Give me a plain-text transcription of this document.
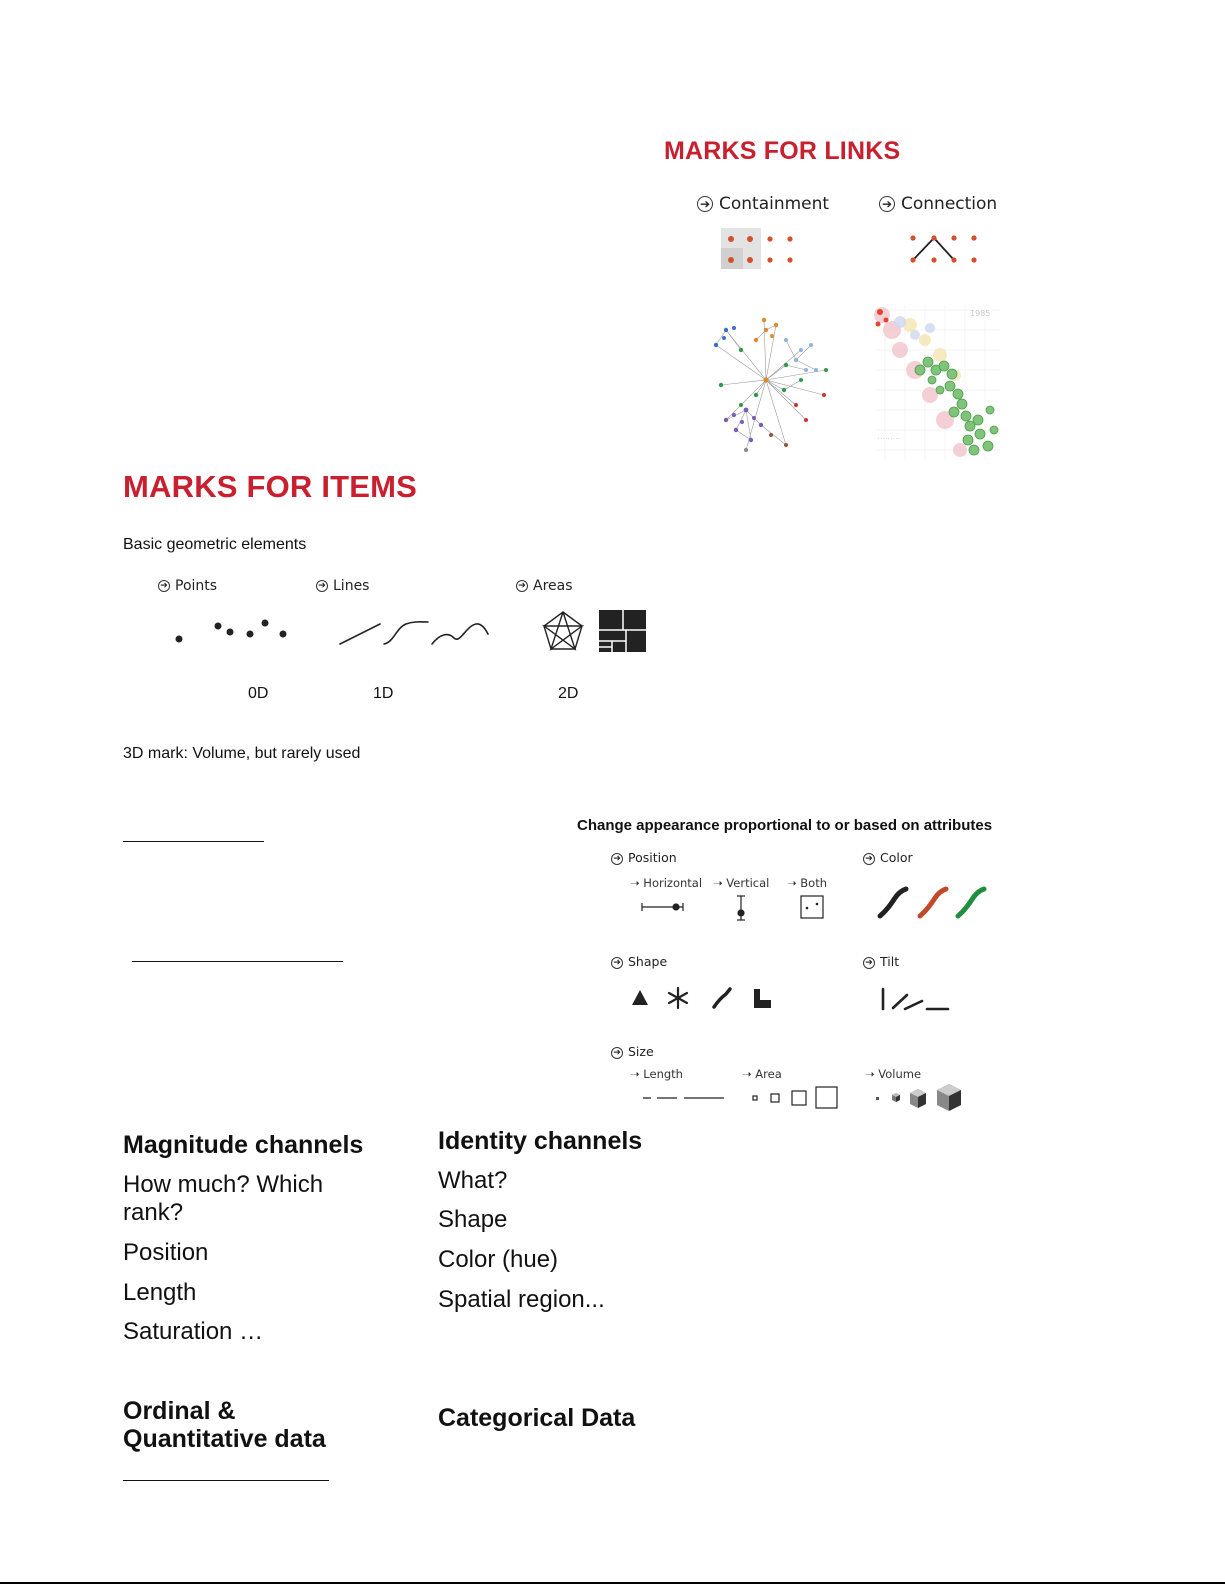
MARKS FOR LINKS
➔ Containment	➔ Connection
1985
· · · · · · · · ·
MARKS FOR ITEMS
Basic geometric elements
➔ Points	➔ Lines	➔ Areas
0D	1D	2D
3D mark: Volume, but rarely used
Change appearance proportional to or based on attributes
➔ Position
➝ Horizontal ➝ Vertical ➝ Both
➔ Color
➔ Shape	➔ Tilt
➔ Size
➝ Length	➝ Area	➝ Volume
Magnitude channels
How much? Which rank?
Position
Length
Saturation …
Identity channels
What?
Shape
Color (hue)
Spatial region...
Ordinal & Quantitative data
Categorical Data
